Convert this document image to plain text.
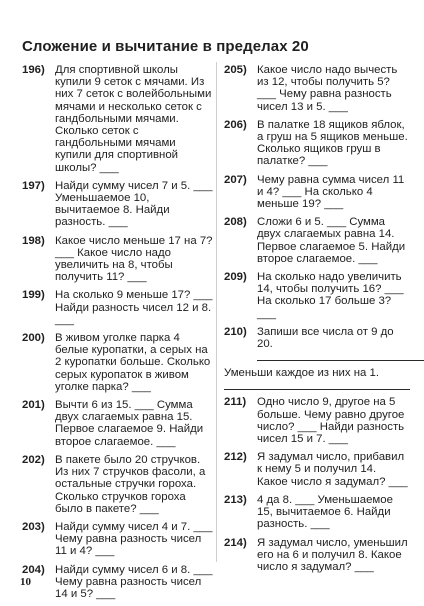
Сложение и вычитание в пределах 20
196) Для спортивной школы купили 9 сеток с мячами. Из них 7 сеток с волейбольными мячами и несколько сеток с гандбольными мячами. Сколько сеток с гандбольными мячами купили для спортивной школы? ___
197) Найди сумму чисел 7 и 5. ___ Уменьшаемое 10, вычитаемое 8. Найди разность. ___
198) Какое число меньше 17 на 7? ___ Какое число надо увеличить на 8, чтобы получить 11? ___
199) На сколько 9 меньше 17? ___ Найди разность чисел 12 и 8. ___
200) В живом уголке парка 4 белые куропатки, а серых на 2 куропатки больше. Сколько серых куропаток в живом уголке парка? ___
201) Вычти 6 из 15. ___ Сумма двух слагаемых равна 15. Первое слагаемое 9. Найди второе слагаемое. ___
202) В пакете было 20 стручков. Из них 7 стручков фасоли, а остальные стручки гороха. Сколько стручков гороха было в пакете? ___
203) Найди сумму чисел 4 и 7. ___ Чему равна разность чисел 11 и 4? ___
204) Найди сумму чисел 6 и 8. ___ Чему равна разность чисел 14 и 5? ___
205) Какое число надо вычесть из 12, чтобы получить 5? ___ Чему равна разность чисел 13 и 5. ___
206) В палатке 18 ящиков яблок, а груш на 5 ящиков меньше. Сколько ящиков груш в палатке? ___
207) Чему равна сумма чисел 11 и 4? ___ На сколько 4 меньше 19? ___
208) Сложи 6 и 5. ___ Сумма двух слагаемых равна 14. Первое слагаемое 5. Найди второе слагаемое. ___
209) На сколько надо увеличить 14, чтобы получить 16? ___ На сколько 17 больше 3? ___
210) Запиши все числа от 9 до 20.
Уменьши каждое из них на 1.
211) Одно число 9, другое на 5 больше. Чему равно другое число? ___ Найди разность чисел 15 и 7. ___
212) Я задумал число, прибавил к нему 5 и получил 14. Какое число я задумал? ___
213) 4 да 8. ___ Уменьшаемое 15, вычитаемое 6. Найди разность. ___
214) Я задумал число, уменьшил его на 6 и получил 8. Какое число я задумал? ___
10
